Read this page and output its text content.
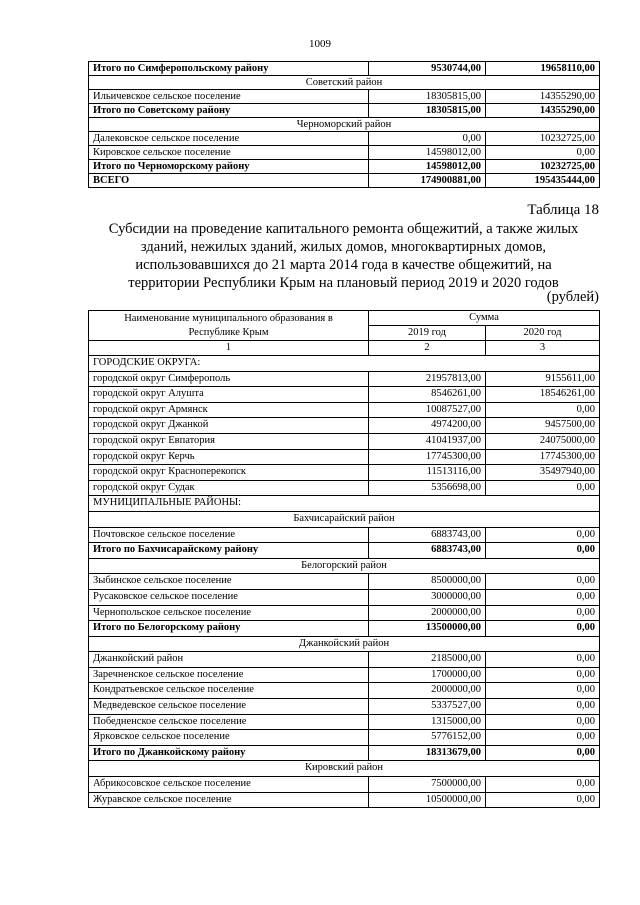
1009
Итого по Симферопольскому району	9530744,00	19658110,00
Советский район		
Ильичевское сельское поселение	18305815,00	14355290,00
Итого по Советскому району	18305815,00	14355290,00
Черноморский район		
Далековское сельское поселение	0,00	10232725,00
Кировское сельское поселение	14598012,00	0,00
Итого по Черноморскому району	14598012,00	10232725,00
ВСЕГО	174900881,00	195435444,00
Таблица 18
Субсидии на проведение капитального ремонта общежитий, а также жилых
зданий, нежилых зданий, жилых домов, многоквартирных домов,
использовавшихся до 21 марта 2014 года в качестве общежитий, на
территории Республики Крым на плановый период 2019 и 2020 годов
(рублей)
Наименование муниципального образования в
Республике Крым	Сумма	
	2019 год	2020 год
1	2	3
ГОРОДСКИЕ ОКРУГА:		
городской округ Симферополь	21957813,00	9155611,00
городской округ Алушта	8546261,00	18546261,00
городской округ Армянск	10087527,00	0,00
городской округ Джанкой	4974200,00	9457500,00
городской округ Евпатория	41041937,00	24075000,00
городской округ Керчь	17745300,00	17745300,00
городской округ Красноперекопск	11513116,00	35497940,00
городской округ Судак	5356698,00	0,00
МУНИЦИПАЛЬНЫЕ РАЙОНЫ:		
Бахчисарайский район		
Почтовское сельское поселение	6883743,00	0,00
Итого по Бахчисарайскому району	6883743,00	0,00
Белогорский район		
Зыбинское сельское поселение	8500000,00	0,00
Русаковское сельское поселение	3000000,00	0,00
Чернопольское сельское поселение	2000000,00	0,00
Итого по Белогорскому району	13500000,00	0,00
Джанкойский район		
Джанкойский район	2185000,00	0,00
Заречненское сельское поселение	1700000,00	0,00
Кондратьевское сельское поселение	2000000,00	0,00
Медведевское сельское поселение	5337527,00	0,00
Победненское сельское поселение	1315000,00	0,00
Ярковское сельское поселение	5776152,00	0,00
Итого по Джанкойскому району	18313679,00	0,00
Кировский район		
Абрикосовское сельское поселение	7500000,00	0,00
Журавское сельское поселение	10500000,00	0,00
